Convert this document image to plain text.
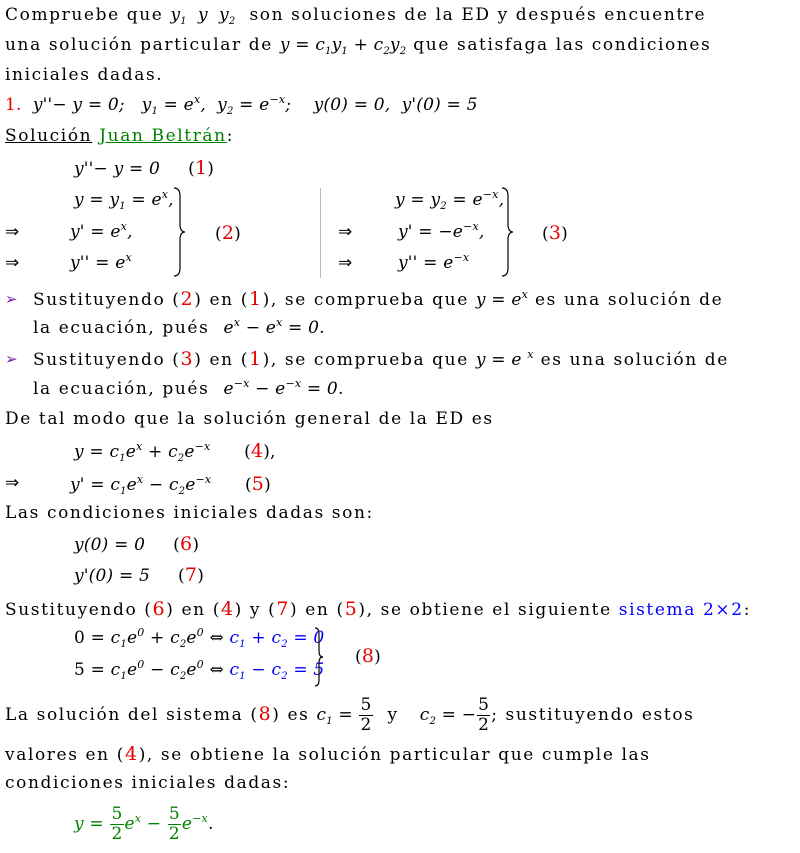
Compruebe que $y_1$  y  $y_2$  son soluciones de la ED y después encuentre
una solución particular de $y = c_1y_1 + c_2y_2$ que satisfaga las condiciones
iniciales dadas.
1.  y''− y = 0;   $y_1 = e^x$,  $y_2 = e^{-x}$;    y(0) = 0,  y'(0) = 5
Solución Juan Beltrán:
y''− y = 0     (1)
$y = y_1 = e^x$,
⇒	$y' = e^x$,
⇒	$y'' = e^x$
(2)
$y = y_2 = e^{-x}$,
⇒	$y' = -e^{-x}$,
⇒	$y'' = e^{-x}$
(3)
➢ Sustituyendo (2) en (1), se comprueba que $y = e^x$ es una solución de
la ecuación, pués $e^x - e^x = 0$.
➢ Sustituyendo (3) en (1), se comprueba que y = e $^x$ es una solución de
la ecuación, pués $e^{-x} - e^{-x} = 0$.
De tal modo que la solución general de la ED es
$y = c_1e^x + c_2e^{-x}$ (4),
⇒	$y' = c_1e^x - c_2e^{-x}$ (5)
Las condiciones iniciales dadas son:
y(0) = 0     (6)
y'(0) = 5     (7)
Sustituyendo (6) en (4) y (7) en (5), se obtiene el siguiente sistema 2×2:
$0 = c_1e^0 + c_2e^0$ ⇔ $c_1 + c_2 = 0$
$5 = c_1e^0 - c_2e^0$ ⇔ $c_1 - c_2 = 5$
(8)
La solución del sistema (8) es $c_1 = \frac{5}{2}$ y   $c_2$ = − $\frac{5}{2}$ ; sustituyendo estos
valores en (4), se obtiene la solución particular que cumple las
condiciones iniciales dadas:
$y = \frac{5}{2} e^x - \frac{5}{2} e^{-x}$.
